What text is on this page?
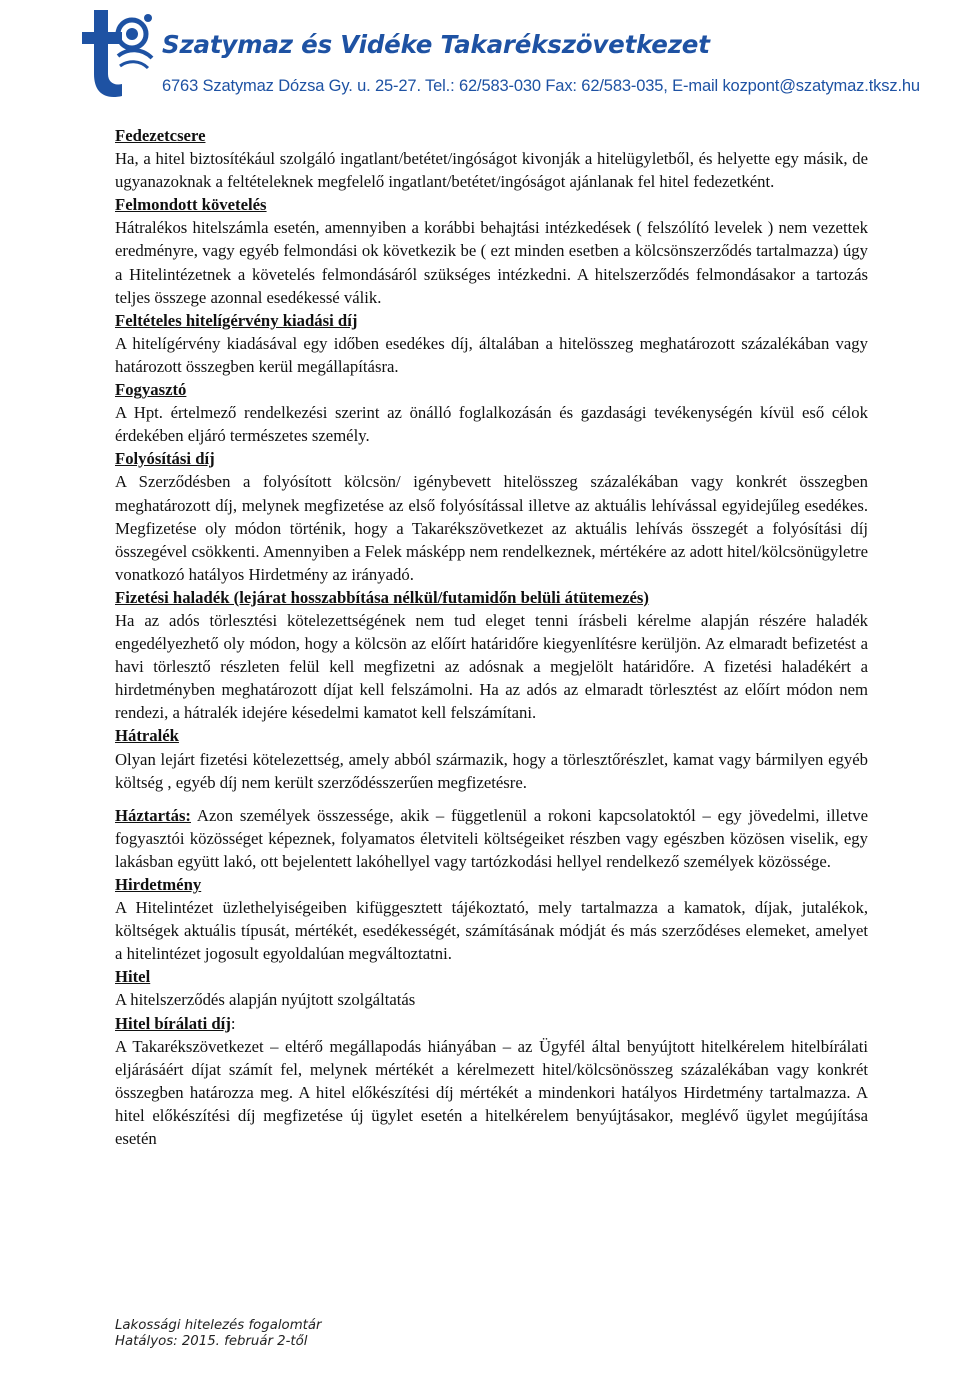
Szatymaz és Vidéke Takarékszövetkezet
6763 Szatymaz Dózsa Gy. u. 25-27. Tel.: 62/583-030 Fax: 62/583-035, E-mail kozpont@szatymaz.tksz.hu
Fedezetcsere

Ha, a hitel biztosítékául szolgáló ingatlant/betétet/ingóságot kivonják a hitelügyletből, és helyette egy másik, de ugyanazoknak a feltételeknek megfelelő ingatlant/betétet/ingóságot ajánlanak fel hitel fedezetként.

Felmondott követelés

Hátralékos hitelszámla esetén, amennyiben a korábbi behajtási intézkedések ( felszólító levelek ) nem vezettek eredményre, vagy egyéb felmondási ok következik be ( ezt minden esetben a kölcsönszerződés tartalmazza) úgy a Hitelintézetnek a követelés felmondásáról szükséges intézkedni. A hitelszerződés felmondásakor a tartozás teljes összege azonnal esedékessé válik.

Feltételes hitelígérvény kiadási díj

A hitelígérvény kiadásával egy időben esedékes díj, általában a hitelösszeg meghatározott százalékában vagy határozott összegben kerül megállapításra.

Fogyasztó

A Hpt. értelmező rendelkezési szerint az önálló foglalkozásán és gazdasági tevékenységén kívül eső célok érdekében eljáró természetes személy.

Folyósítási díj

A Szerződésben a folyósított kölcsön/ igénybevett hitelösszeg százalékában vagy konkrét összegben meghatározott díj, melynek megfizetése az első folyósítással illetve az aktuális lehívással egyidejűleg esedékes. Megfizetése oly módon történik, hogy a Takarékszövetkezet az aktuális lehívás összegét a folyósítási díj összegével csökkenti. Amennyiben a Felek másképp nem rendelkeznek, mértékére az adott hitel/kölcsönügyletre vonatkozó hatályos Hirdetmény az irányadó.

Fizetési haladék (lejárat hosszabbítása nélkül/futamidőn belüli átütemezés)

Ha az adós törlesztési kötelezettségének nem tud eleget tenni írásbeli kérelme alapján részére haladék engedélyezhető oly módon, hogy a kölcsön az előírt határidőre kiegyenlítésre kerüljön. Az elmaradt befizetést a havi törlesztő részleten felül kell megfizetni az adósnak a megjelölt határidőre. A fizetési haladékért a hirdetményben meghatározott díjat kell felszámolni. Ha az adós az elmaradt törlesztést az előírt módon nem rendezi, a hátralék idejére késedelmi kamatot kell felszámítani.

Hátralék

Olyan lejárt fizetési kötelezettség, amely abból származik, hogy a törlesztőrészlet, kamat vagy bármilyen egyéb költség , egyéb díj nem került szerződésszerűen megfizetésre.

Háztartás: Azon személyek összessége, akik – függetlenül a rokoni kapcsolatoktól – egy jövedelmi, illetve fogyasztói közösséget képeznek, folyamatos életviteli költségeiket részben vagy egészben közösen viselik, egy lakásban együtt lakó, ott bejelentett lakóhellyel vagy tartózkodási hellyel rendelkező személyek közössége.

Hirdetmény

A Hitelintézet üzlethelyiségeiben kifüggesztett tájékoztató, mely tartalmazza a kamatok, díjak, jutalékok, költségek aktuális típusát, mértékét, esedékességét, számításának módját és más szerződéses elemeket, amelyet a hitelintézet jogosult egyoldalúan megváltoztatni.

Hitel

A hitelszerződés alapján nyújtott szolgáltatás

Hitel bírálati díj:

A Takarékszövetkezet – eltérő megállapodás hiányában – az Ügyfél által benyújtott hitelkérelem hitelbírálati eljárásáért díjat számít fel, melynek mértékét a kérelmezett hitel/kölcsönösszeg százalékában vagy konkrét összegben határozza meg. A hitel előkészítési díj mértékét a mindenkori hatályos Hirdetmény tartalmazza. A hitel előkészítési díj megfizetése új ügylet esetén a hitelkérelem benyújtásakor, meglévő ügylet megújítása esetén

Lakossági hitelezés fogalomtár
Hatályos: 2015. február 2-től
